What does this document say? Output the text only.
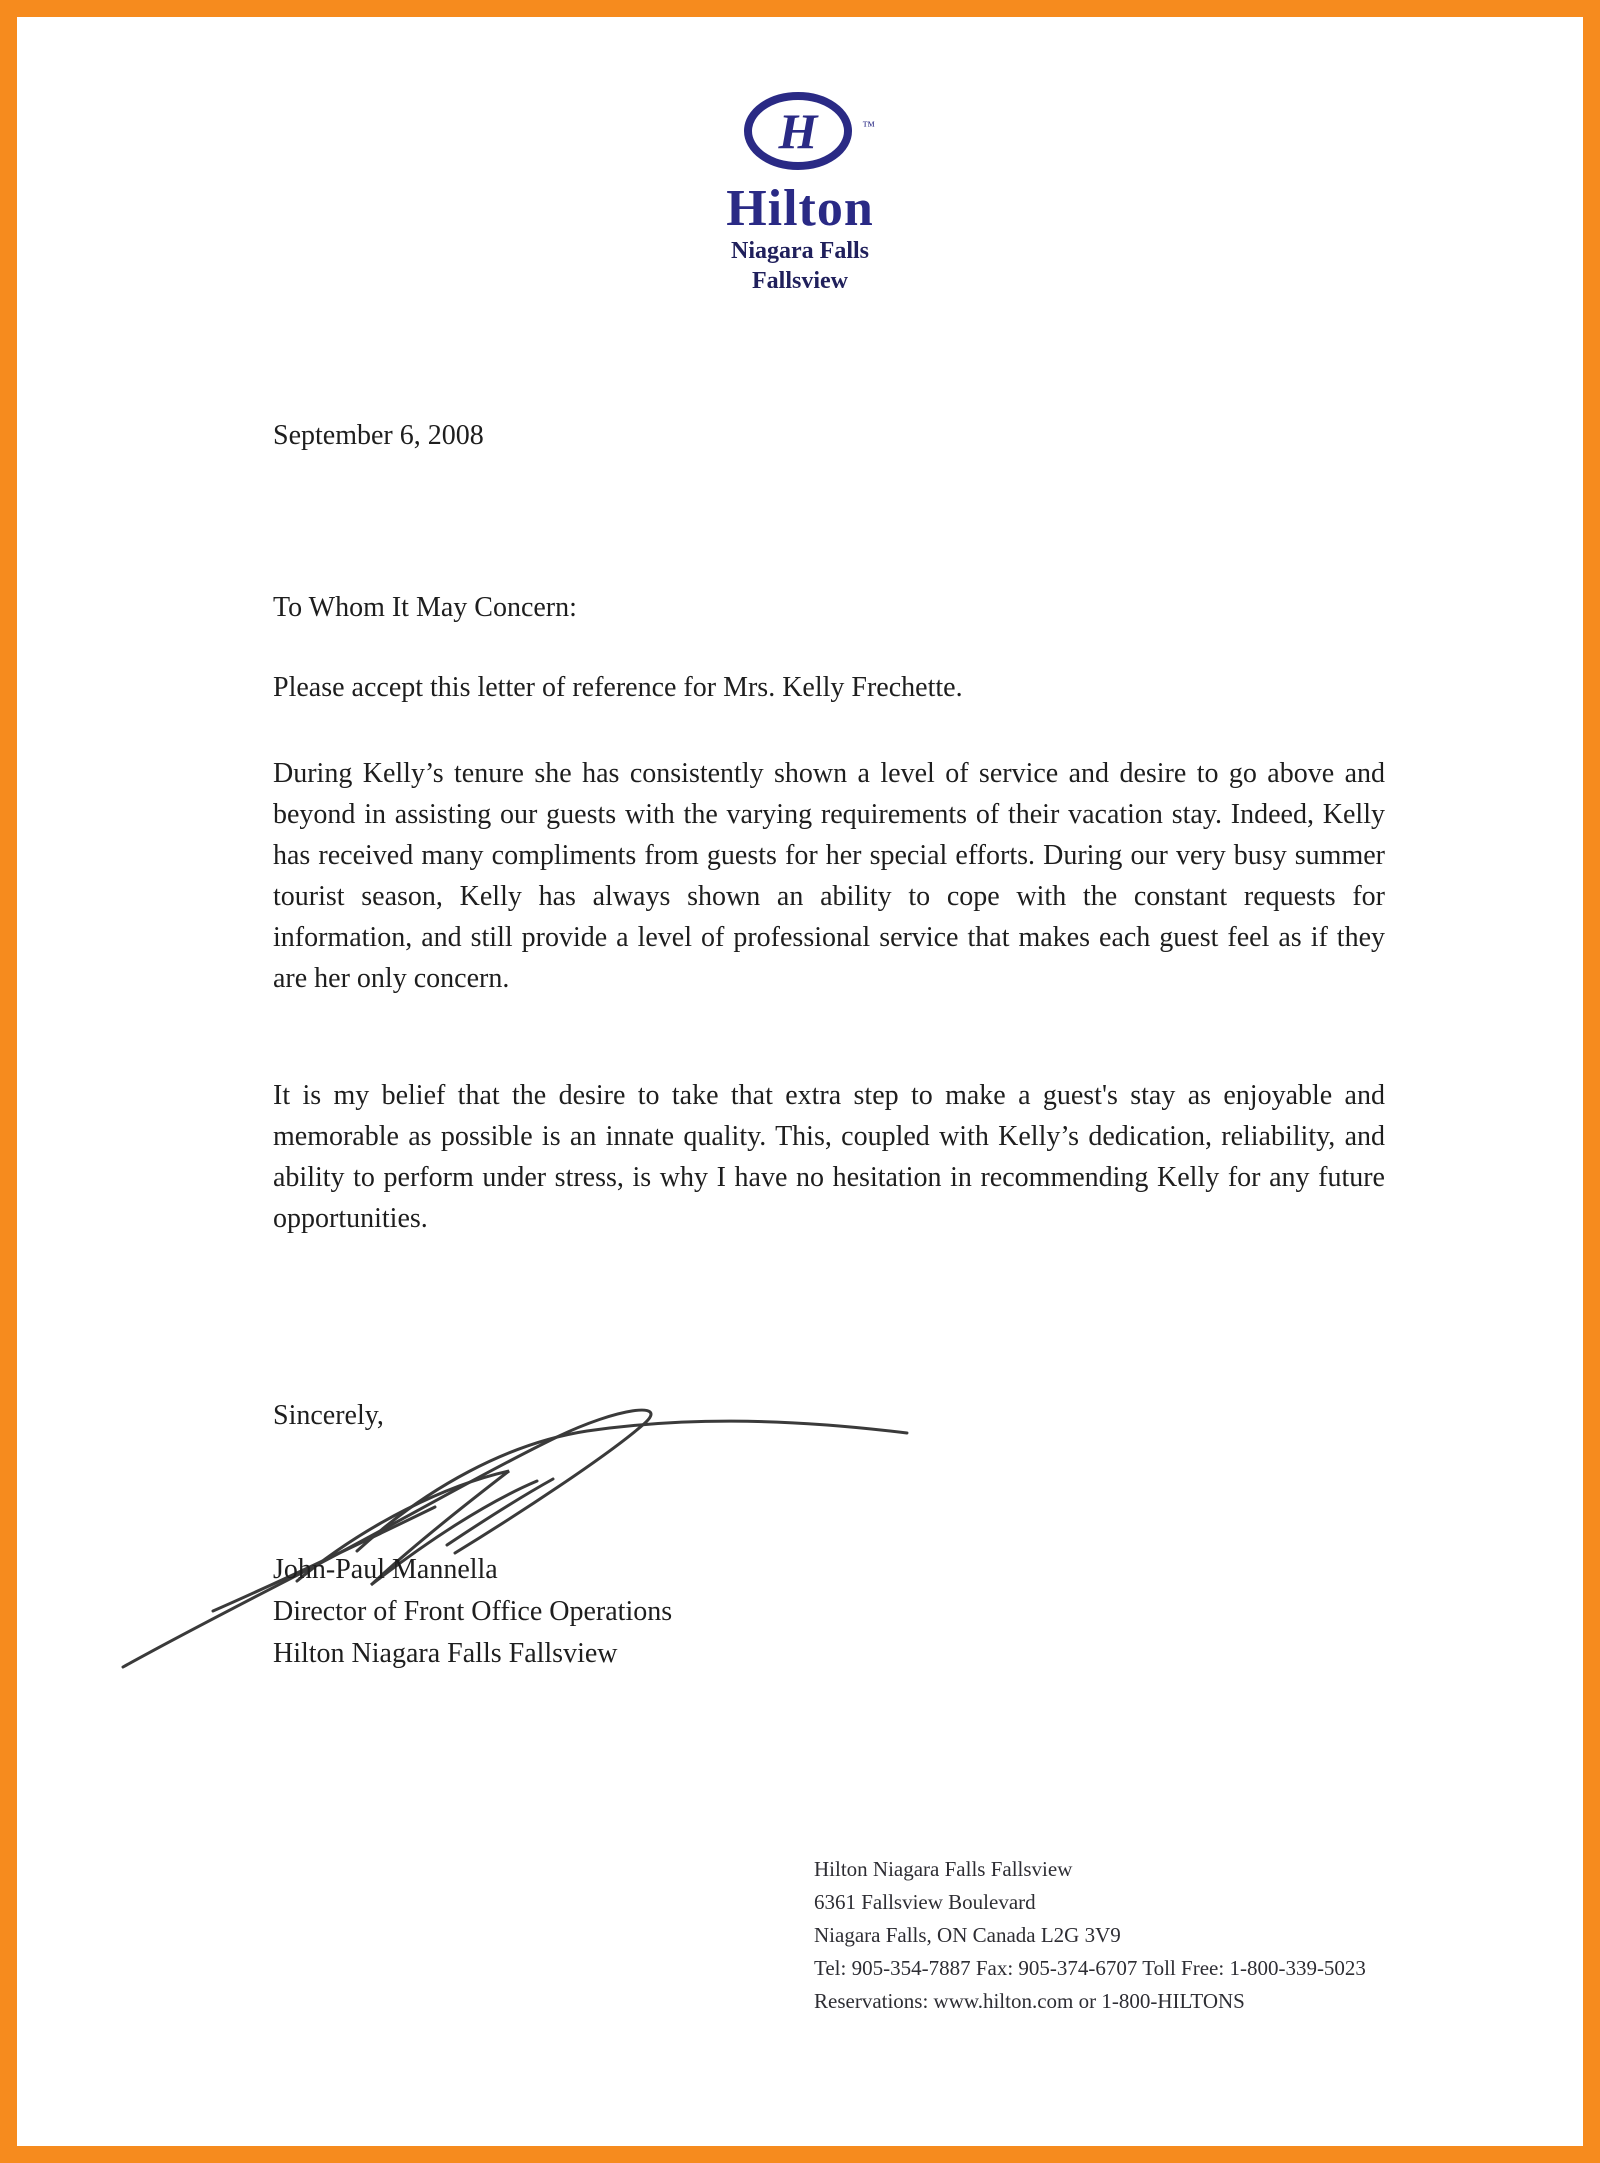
H	™
Hilton
Niagara Falls
Fallsview
September 6, 2008
To Whom It May Concern:
Please accept this letter of reference for Mrs. Kelly Frechette.
During Kelly’s tenure she has consistently shown a level of service and desire to go above and beyond in assisting our guests with the varying requirements of their vacation stay. Indeed, Kelly has received many compliments from guests for her special efforts. During our very busy summer tourist season, Kelly has always shown an ability to cope with the constant requests for information, and still provide a level of professional service that makes each guest feel as if they are her only concern.
It is my belief that the desire to take that extra step to make a guest's stay as enjoyable and memorable as possible is an innate quality. This, coupled with Kelly’s dedication, reliability, and ability to perform under stress, is why I have no hesitation in recommending Kelly for any future opportunities.
Sincerely,
John-Paul Mannella
Director of Front Office Operations
Hilton Niagara Falls Fallsview
Hilton Niagara Falls Fallsview
6361 Fallsview Boulevard
Niagara Falls, ON Canada L2G 3V9
Tel: 905-354-7887 Fax: 905-374-6707 Toll Free: 1-800-339-5023
Reservations: www.hilton.com or 1-800-HILTONS
